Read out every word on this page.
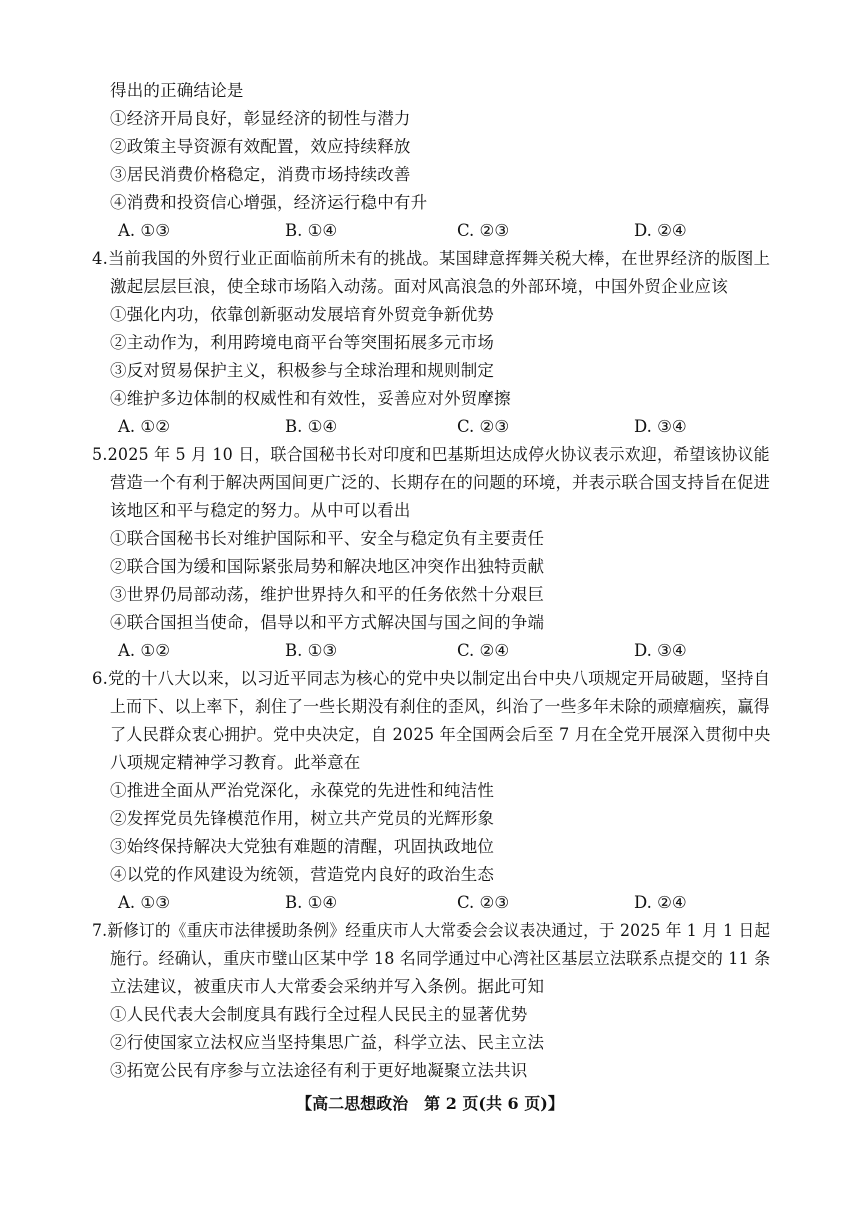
得出的正确结论是
①经济开局良好，彰显经济的韧性与潜力
②政策主导资源有效配置，效应持续释放
③居民消费价格稳定，消费市场持续改善
④消费和投资信心增强，经济运行稳中有升
A. ①③	B. ①④	C. ②③	D. ②④
4.当前我国的外贸行业正面临前所未有的挑战。某国肆意挥舞关税大棒，在世界经济的版图上
激起层层巨浪，使全球市场陷入动荡。面对风高浪急的外部环境，中国外贸企业应该
①强化内功，依靠创新驱动发展培育外贸竞争新优势
②主动作为，利用跨境电商平台等突围拓展多元市场
③反对贸易保护主义，积极参与全球治理和规则制定
④维护多边体制的权威性和有效性，妥善应对外贸摩擦
A. ①②	B. ①④	C. ②③	D. ③④
5.2025 年 5 月 10 日，联合国秘书长对印度和巴基斯坦达成停火协议表示欢迎，希望该协议能
营造一个有利于解决两国间更广泛的、长期存在的问题的环境，并表示联合国支持旨在促进
该地区和平与稳定的努力。从中可以看出
①联合国秘书长对维护国际和平、安全与稳定负有主要责任
②联合国为缓和国际紧张局势和解决地区冲突作出独特贡献
③世界仍局部动荡，维护世界持久和平的任务依然十分艰巨
④联合国担当使命，倡导以和平方式解决国与国之间的争端
A. ①②	B. ①③	C. ②④	D. ③④
6.党的十八大以来，以习近平同志为核心的党中央以制定出台中央八项规定开局破题，坚持自
上而下、以上率下，刹住了一些长期没有刹住的歪风，纠治了一些多年未除的顽瘴痼疾，赢得
了人民群众衷心拥护。党中央决定，自 2025 年全国两会后至 7 月在全党开展深入贯彻中央
八项规定精神学习教育。此举意在
①推进全面从严治党深化，永葆党的先进性和纯洁性
②发挥党员先锋模范作用，树立共产党员的光辉形象
③始终保持解决大党独有难题的清醒，巩固执政地位
④以党的作风建设为统领，营造党内良好的政治生态
A. ①③	B. ①④	C. ②③	D. ②④
7.新修订的《重庆市法律援助条例》经重庆市人大常委会会议表决通过，于 2025 年 1 月 1 日起
施行。经确认，重庆市璧山区某中学 18 名同学通过中心湾社区基层立法联系点提交的 11 条
立法建议，被重庆市人大常委会采纳并写入条例。据此可知
①人民代表大会制度具有践行全过程人民民主的显著优势
②行使国家立法权应当坚持集思广益，科学立法、民主立法
③拓宽公民有序参与立法途径有利于更好地凝聚立法共识
【高二思想政治　第 2 页(共 6 页)】
